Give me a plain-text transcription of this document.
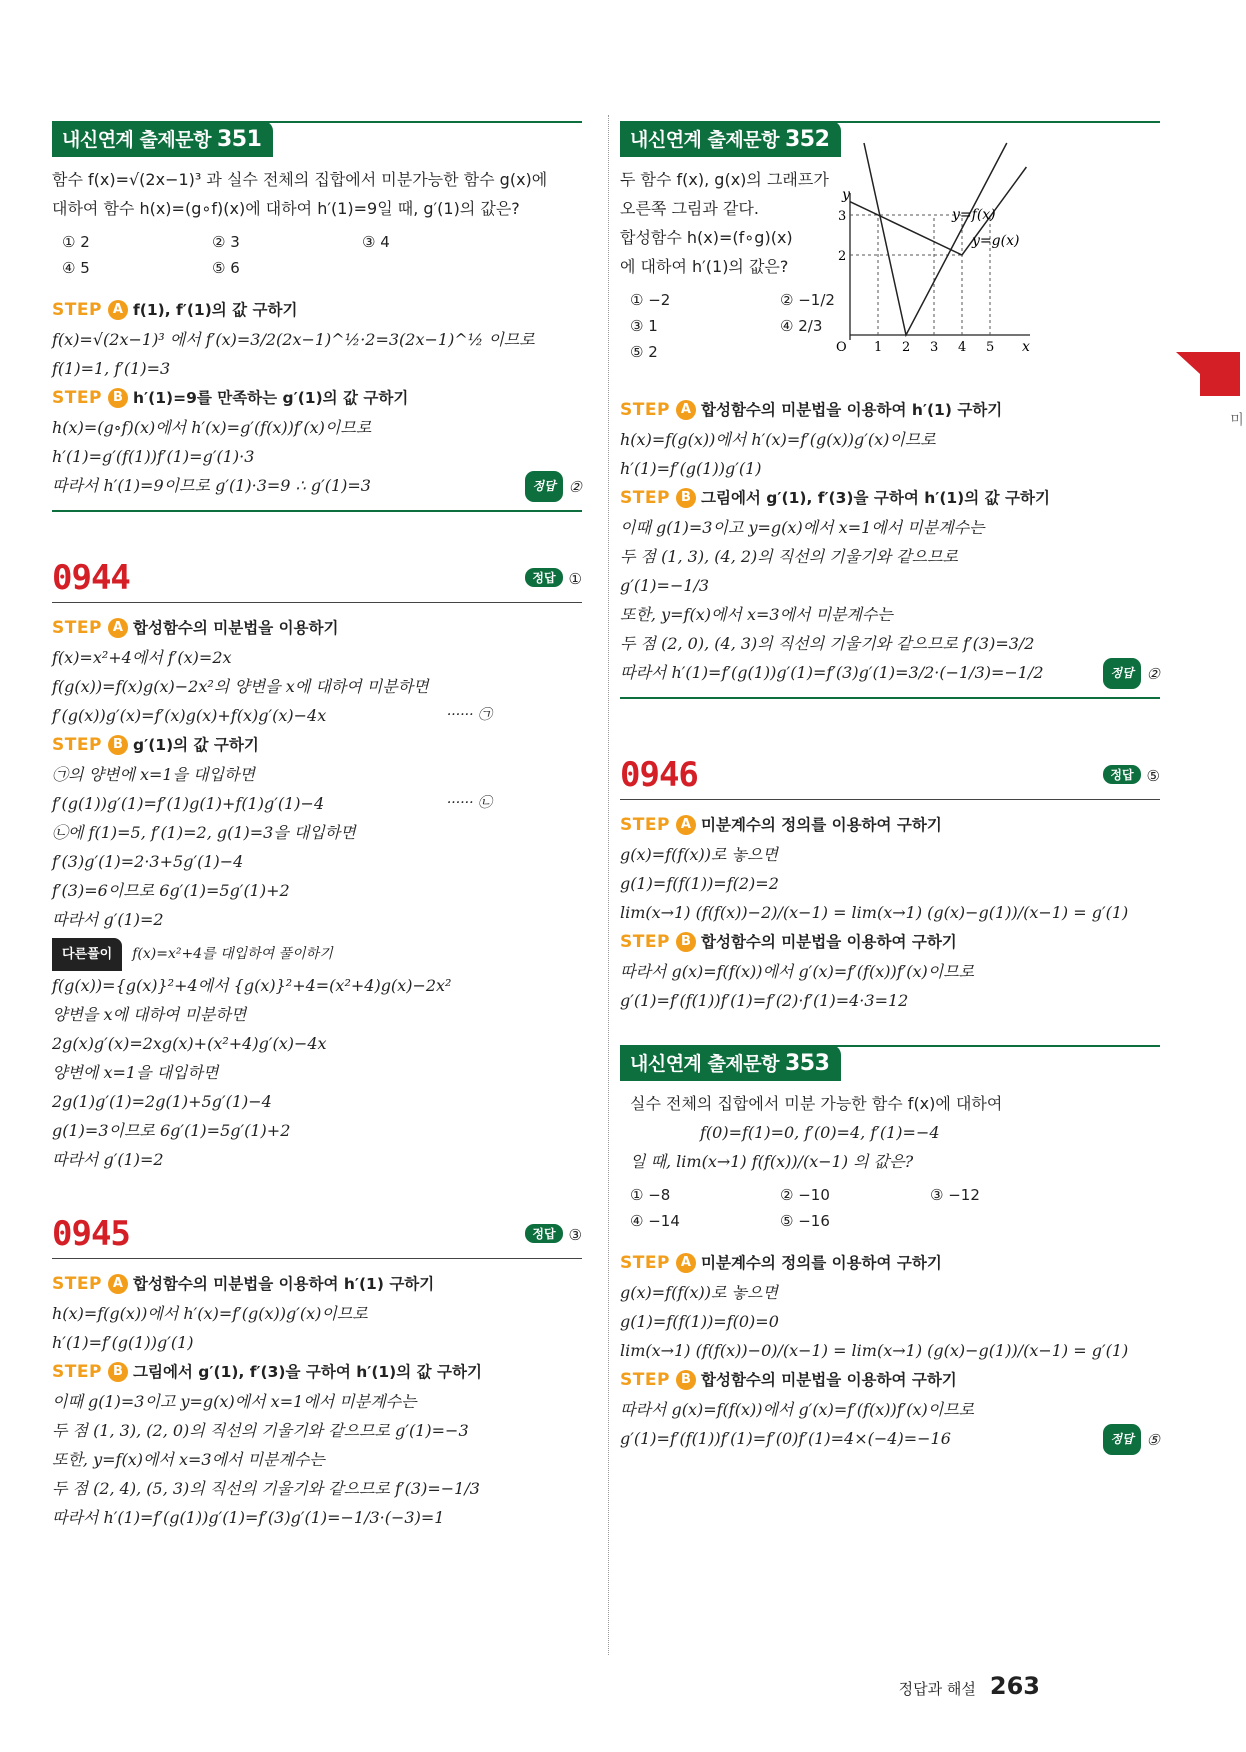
미
내신연계 출제문항 351
함수 f(x)=√(2x−1)³ 과 실수 전체의 집합에서 미분가능한 함수 g(x)에
대하여 함수 h(x)=(g∘f)(x)에 대하여 h′(1)=9일 때, g′(1)의 값은?
① 2	② 3	③ 4
④ 5	⑤ 6
STEP A f(1), f′(1)의 값 구하기
f(x)=√(2x−1)³ 에서 f′(x)=3/2(2x−1)^½·2=3(2x−1)^½ 이므로
f(1)=1, f′(1)=3
STEP B h′(1)=9를 만족하는 g′(1)의 값 구하기
h(x)=(g∘f)(x)에서 h′(x)=g′(f(x))f′(x)이므로
h′(1)=g′(f(1))f′(1)=g′(1)·3
따라서 h′(1)=9이므로 g′(1)·3=9 ∴ g′(1)=3	정답 ②
0944	정답 ①
STEP A 합성함수의 미분법을 이용하기
f(x)=x²+4에서 f′(x)=2x
f(g(x))=f(x)g(x)−2x²의 양변을 x에 대하여 미분하면
f′(g(x))g′(x)=f′(x)g(x)+f(x)g′(x)−4x	······ ㉠
STEP B g′(1)의 값 구하기
㉠의 양변에 x=1을 대입하면
f′(g(1))g′(1)=f′(1)g(1)+f(1)g′(1)−4	······ ㉡
㉡에 f(1)=5, f′(1)=2, g(1)=3을 대입하면
f′(3)g′(1)=2·3+5g′(1)−4
f′(3)=6이므로 6g′(1)=5g′(1)+2
따라서 g′(1)=2
다른풀이 f(x)=x²+4를 대입하여 풀이하기
f(g(x))={g(x)}²+4에서 {g(x)}²+4=(x²+4)g(x)−2x²
양변을 x에 대하여 미분하면
2g(x)g′(x)=2xg(x)+(x²+4)g′(x)−4x
양변에 x=1을 대입하면
2g(1)g′(1)=2g(1)+5g′(1)−4
g(1)=3이므로 6g′(1)=5g′(1)+2
따라서 g′(1)=2
0945	정답 ③
STEP A 합성함수의 미분법을 이용하여 h′(1) 구하기
h(x)=f(g(x))에서 h′(x)=f′(g(x))g′(x)이므로
h′(1)=f′(g(1))g′(1)
STEP B 그림에서 g′(1), f′(3)을 구하여 h′(1)의 값 구하기
이때 g(1)=3이고 y=g(x)에서 x=1에서 미분계수는
두 점 (1, 3), (2, 0)의 직선의 기울기와 같으므로 g′(1)=−3
또한, y=f(x)에서 x=3에서 미분계수는
두 점 (2, 4), (5, 3)의 직선의 기울기와 같으므로 f′(3)=−1/3
따라서 h′(1)=f′(g(1))g′(1)=f′(3)g′(1)=−1/3·(−3)=1
내신연계 출제문항 352
두 함수 f(x), g(x)의 그래프가
오른쪽 그림과 같다.
합성함수 h(x)=(f∘g)(x)
에 대하여 h′(1)의 값은?
① −2	② −1/2
③ 1	④ 2/3
⑤ 2
y
x
O 1 2 3 4 5
2
3	y=f(x)
y=g(x)
STEP A 합성함수의 미분법을 이용하여 h′(1) 구하기
h(x)=f(g(x))에서 h′(x)=f′(g(x))g′(x)이므로
h′(1)=f′(g(1))g′(1)
STEP B 그림에서 g′(1), f′(3)을 구하여 h′(1)의 값 구하기
이때 g(1)=3이고 y=g(x)에서 x=1에서 미분계수는
두 점 (1, 3), (4, 2)의 직선의 기울기와 같으므로
g′(1)=−1/3
또한, y=f(x)에서 x=3에서 미분계수는
두 점 (2, 0), (4, 3)의 직선의 기울기와 같으므로 f′(3)=3/2
따라서 h′(1)=f′(g(1))g′(1)=f′(3)g′(1)=3/2·(−1/3)=−1/2	정답 ②
0946	정답 ⑤
STEP A 미분계수의 정의를 이용하여 구하기
g(x)=f(f(x))로 놓으면
g(1)=f(f(1))=f(2)=2
lim(x→1) (f(f(x))−2)/(x−1) = lim(x→1) (g(x)−g(1))/(x−1) = g′(1)
STEP B 합성함수의 미분법을 이용하여 구하기
따라서 g(x)=f(f(x))에서 g′(x)=f′(f(x))f′(x)이므로
g′(1)=f′(f(1))f′(1)=f′(2)·f′(1)=4·3=12
내신연계 출제문항 353
실수 전체의 집합에서 미분 가능한 함수 f(x)에 대하여
f(0)=f(1)=0, f′(0)=4, f′(1)=−4
일 때, lim(x→1) f(f(x))/(x−1) 의 값은?
① −8	② −10	③ −12
④ −14	⑤ −16
STEP A 미분계수의 정의를 이용하여 구하기
g(x)=f(f(x))로 놓으면
g(1)=f(f(1))=f(0)=0
lim(x→1) (f(f(x))−0)/(x−1) = lim(x→1) (g(x)−g(1))/(x−1) = g′(1)
STEP B 합성함수의 미분법을 이용하여 구하기
따라서 g(x)=f(f(x))에서 g′(x)=f′(f(x))f′(x)이므로
g′(1)=f′(f(1))f′(1)=f′(0)f′(1)=4×(−4)=−16	정답 ⑤
정답과 해설 263
